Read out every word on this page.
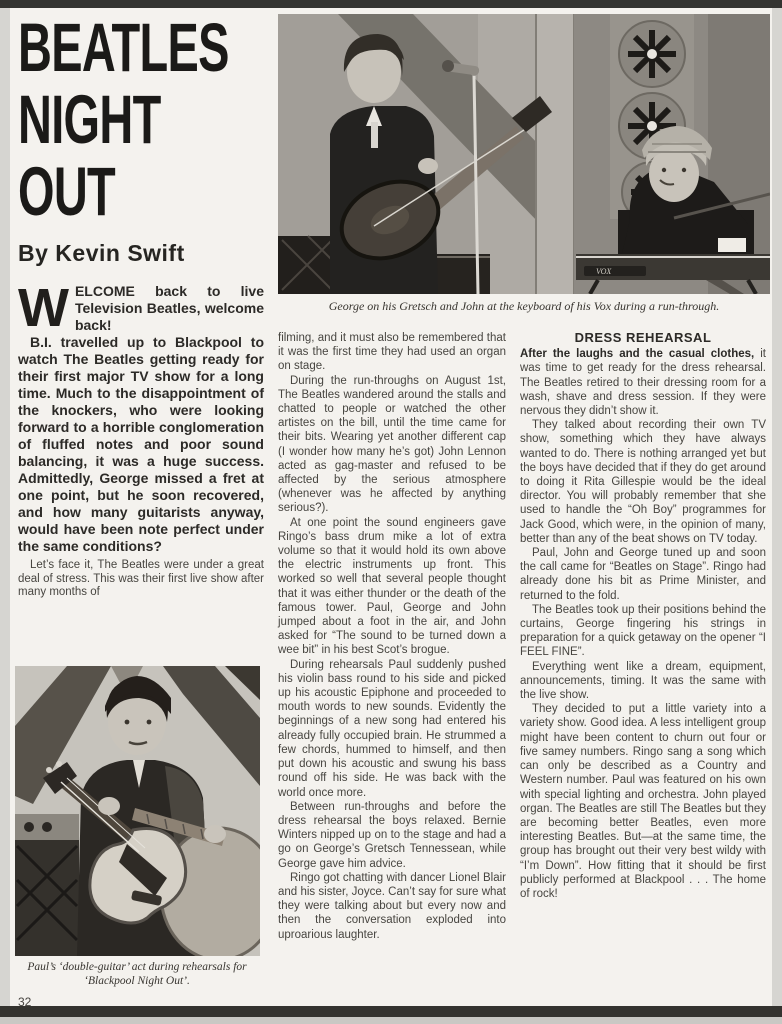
BEATLES
NIGHT
OUT
By Kevin Swift

WELCOME back to live Television Beatles, welcome back!

B.I. travelled up to Blackpool to watch The Beatles getting ready for their first major TV show for a long time. Much to the disappointment of the knockers, who were looking forward to a horrible conglomeration of fluffed notes and poor sound balancing, it was a huge success. Admittedly, George missed a fret at one point, but he soon recovered, and how many guitarists anyway, would have been note perfect under the same conditions?

Let’s face it, The Beatles were under a great deal of stress. This was their first live show after many months of

VOX
George on his Gretsch and John at the keyboard of his Vox during a run-through.

filming, and it must also be remembered that it was the first time they had used an organ on stage.

During the run-throughs on August 1st, The Beatles wandered around the stalls and chatted to people or watched the other artistes on the bill, until the time came for their bits. Wearing yet another different cap (I wonder how many he’s got) John Lennon acted as gag-master and refused to be affected by the serious atmosphere (whenever was he affected by anything serious?).

At one point the sound engineers gave Ringo’s bass drum mike a lot of extra volume so that it would hold its own above the electric instruments up front. This worked so well that several people thought that it was either thunder or the death of the famous tower. Paul, George and John jumped about a foot in the air, and John asked for “The sound to be turned down a wee bit” in his best Scot’s brogue.

During rehearsals Paul suddenly pushed his violin bass round to his side and picked up his acoustic Epiphone and proceeded to mouth words to new sounds. Evidently the beginnings of a new song had entered his already fully occupied brain. He strummed a few chords, hummed to himself, and then put down his acoustic and swung his bass round off his side. He was back with the world once more.

Between run-throughs and before the dress rehearsal the boys relaxed. Bernie Winters nipped up on to the stage and had a go on George’s Gretsch Tennessean, while George gave him advice.

Ringo got chatting with dancer Lionel Blair and his sister, Joyce. Can’t say for sure what they were talking about but every now and then the conversation exploded into uproarious laughter.

DRESS REHEARSAL

After the laughs and the casual clothes, it was time to get ready for the dress rehearsal. The Beatles retired to their dressing room for a wash, shave and dress session. If they were nervous they didn’t show it.

They talked about recording their own TV show, something which they have always wanted to do. There is nothing arranged yet but the boys have decided that if they do get around to doing it Rita Gillespie would be the ideal director. You will probably remember that she used to handle the “Oh Boy” programmes for Jack Good, which were, in the opinion of many, better than any of the beat shows on TV today.

Paul, John and George tuned up and soon the call came for “Beatles on Stage”. Ringo had already done his bit as Prime Minister, and returned to the fold.

The Beatles took up their positions behind the curtains, George fingering his strings in preparation for a quick getaway on the opener “I FEEL FINE”.

Everything went like a dream, equipment, announcements, timing. It was the same with the live show.

They decided to put a little variety into a variety show. Good idea. A less intelligent group might have been content to churn out four or five samey numbers. Ringo sang a song which can only be described as a Country and Western number. Paul was featured on his own with special lighting and orchestra. John played organ. The Beatles are still The Beatles but they are becoming better Beatles, even more interesting Beatles. But—at the same time, the group has brought out their very best wildy with “I’m Down”. How fitting that it should be first publicly performed at Blackpool . . . The home of rock!

Paul’s ‘double-guitar’ act during rehearsals for
‘Blackpool Night Out’.
32
